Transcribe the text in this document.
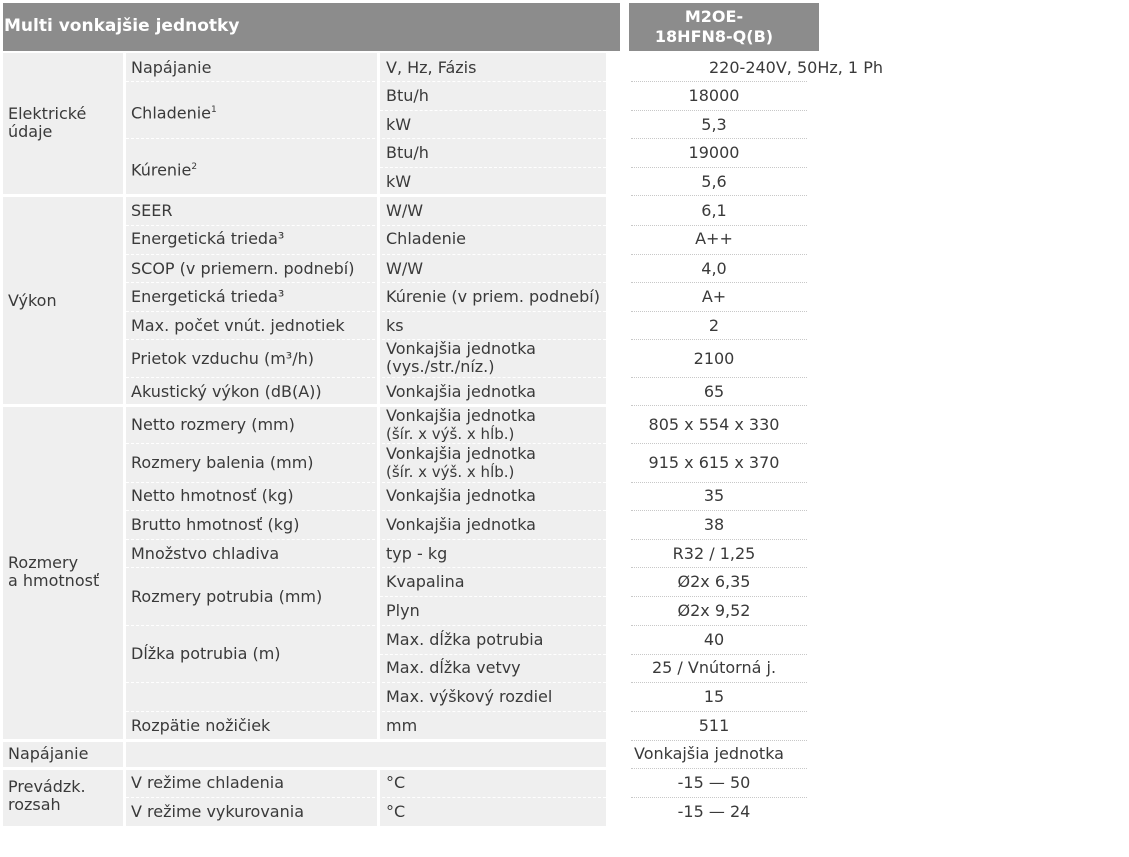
Multi vonkajšie jednotky	M2OE-
18HFN8-Q(B)
Elektrické
údaje
Výkon
Rozmery
a hmotnosť
Napájanie
Prevádzk.
rozsah
Napájanie
Chladenie$^1$
Kúrenie$^2$
SEER
Energetická trieda³
SCOP (v priemern. podnebí)
Energetická trieda³
Max. počet vnút. jednotiek
Prietok vzduchu (m³/h)
Akustický výkon (dB(A))
Netto rozmery (mm)
Rozmery balenia (mm)
Netto hmotnosť (kg)
Brutto hmotnosť (kg)
Množstvo chladiva
Rozmery potrubia (mm)
Dĺžka potrubia (m)
Rozpätie nožičiek
V režime chladenia
V režime vykurovania
V, Hz, Fázis
Btu/h
kW
Btu/h
kW
W/W
Chladenie
W/W
Kúrenie (v priem. podnebí)
ks
Vonkajšia jednotka
(vys./str./níz.)
Vonkajšia jednotka
Vonkajšia jednotka
(šír. x výš. x hĺb.)
Vonkajšia jednotka
(šír. x výš. x hĺb.)
Vonkajšia jednotka
Vonkajšia jednotka
typ - kg
Kvapalina
Plyn
Max. dĺžka potrubia
Max. dĺžka vetvy
Max. výškový rozdiel
mm
°C
°C
220-240V, 50Hz, 1 Ph
18000
5,3
19000
5,6
6,1
A++
4,0
A+
2
2100
65
805 x 554 x 330
915 x 615 x 370
35
38
R32 / 1,25
Ø2x 6,35
Ø2x 9,52
40
25 / Vnútorná j.
15
511
Vonkajšia jednotka
-15 — 50
-15 — 24
